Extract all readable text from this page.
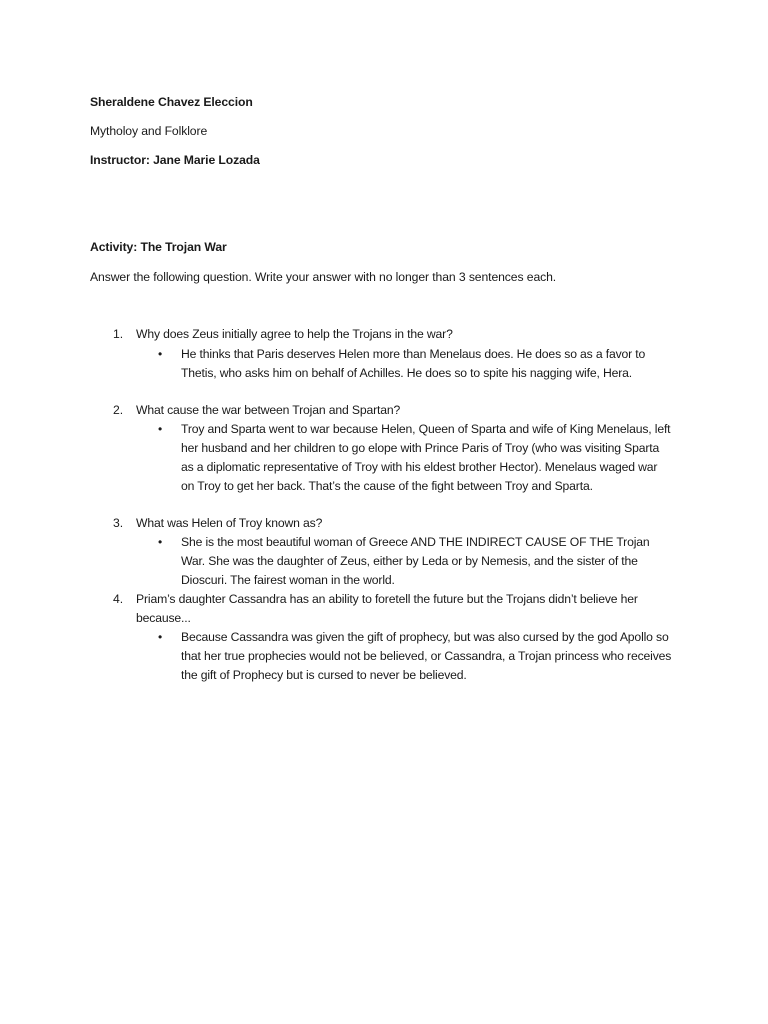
Sheraldene Chavez Eleccion
Mytholoy and Folklore
Instructor: Jane Marie Lozada
Activity: The Trojan War
Answer the following question. Write your answer with no longer than 3 sentences each.
1. Why does Zeus initially agree to help the Trojans in the war?
• He thinks that Paris deserves Helen more than Menelaus does. He does so as a favor to Thetis, who asks him on behalf of Achilles. He does so to spite his nagging wife, Hera.
2. What cause the war between Trojan and Spartan?
• Troy and Sparta went to war because Helen, Queen of Sparta and wife of King Menelaus, left her husband and her children to go elope with Prince Paris of Troy (who was visiting Sparta as a diplomatic representative of Troy with his eldest brother Hector). Menelaus waged war on Troy to get her back. That’s the cause of the fight between Troy and Sparta.
3. What was Helen of Troy known as?
• She is the most beautiful woman of Greece AND THE INDIRECT CAUSE OF THE Trojan War. She was the daughter of Zeus, either by Leda or by Nemesis, and the sister of the Dioscuri. The fairest woman in the world.
4. Priam’s daughter Cassandra has an ability to foretell the future but the Trojans didn’t believe her because...
• Because Cassandra was given the gift of prophecy, but was also cursed by the god Apollo so that her true prophecies would not be believed, or Cassandra, a Trojan princess who receives the gift of Prophecy but is cursed to never be believed.
